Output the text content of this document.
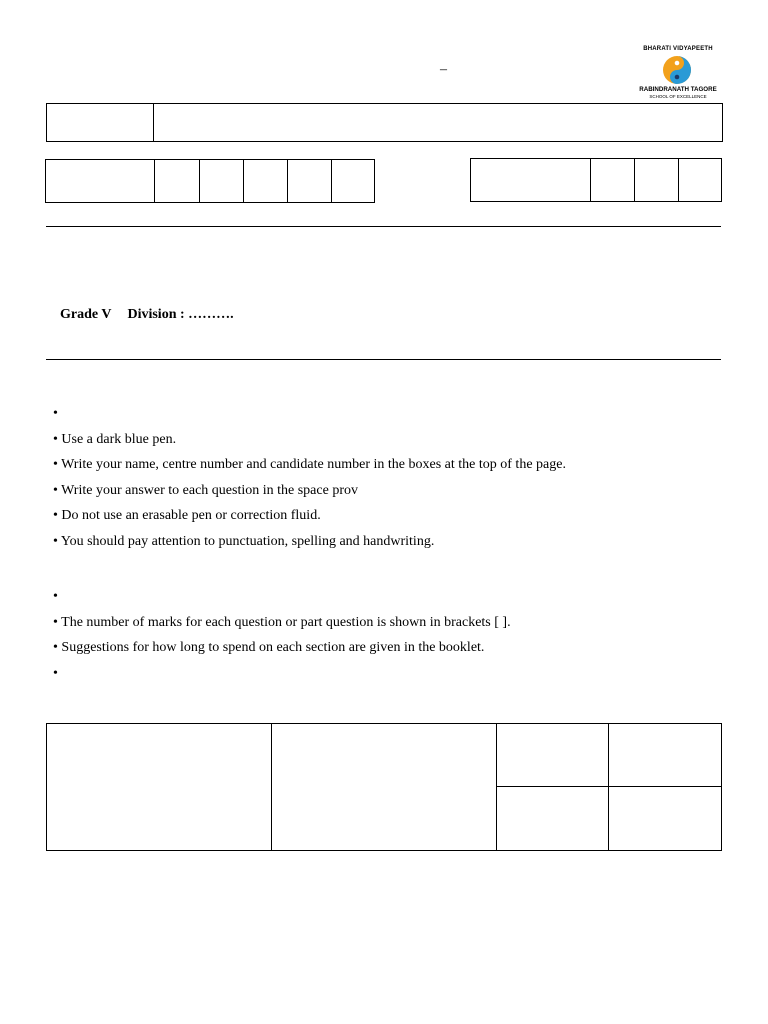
BHARATI VIDYAPEETH
RABINDRANATH TAGORE
SCHOOL OF EXCELLENCE
–

Grade V Division : ……….

•
• Use a dark blue pen.
• Write your name, centre number and candidate number in the boxes at the top of the page.
• Write your answer to each question in the space prov
• Do not use an erasable pen or correction fluid.
• You should pay attention to punctuation, spelling and handwriting.
•
• The number of marks for each question or part question is shown in brackets [ ].
• Suggestions for how long to spend on each section are given in the booklet.
•
